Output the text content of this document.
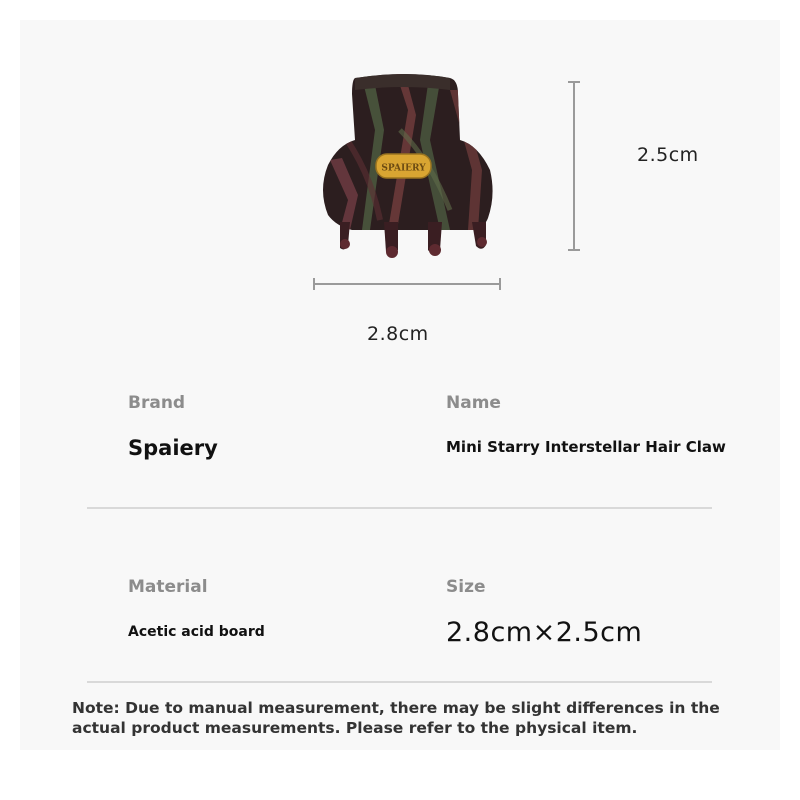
SPAIERY
2.5cm
2.8cm
Brand	Name
Spaiery	Mini Starry Interstellar Hair Claw
Material	Size
Acetic acid board	2.8cm×2.5cm
Note: Due to manual measurement, there may be slight differences in the actual product measurements. Please refer to the physical item.
